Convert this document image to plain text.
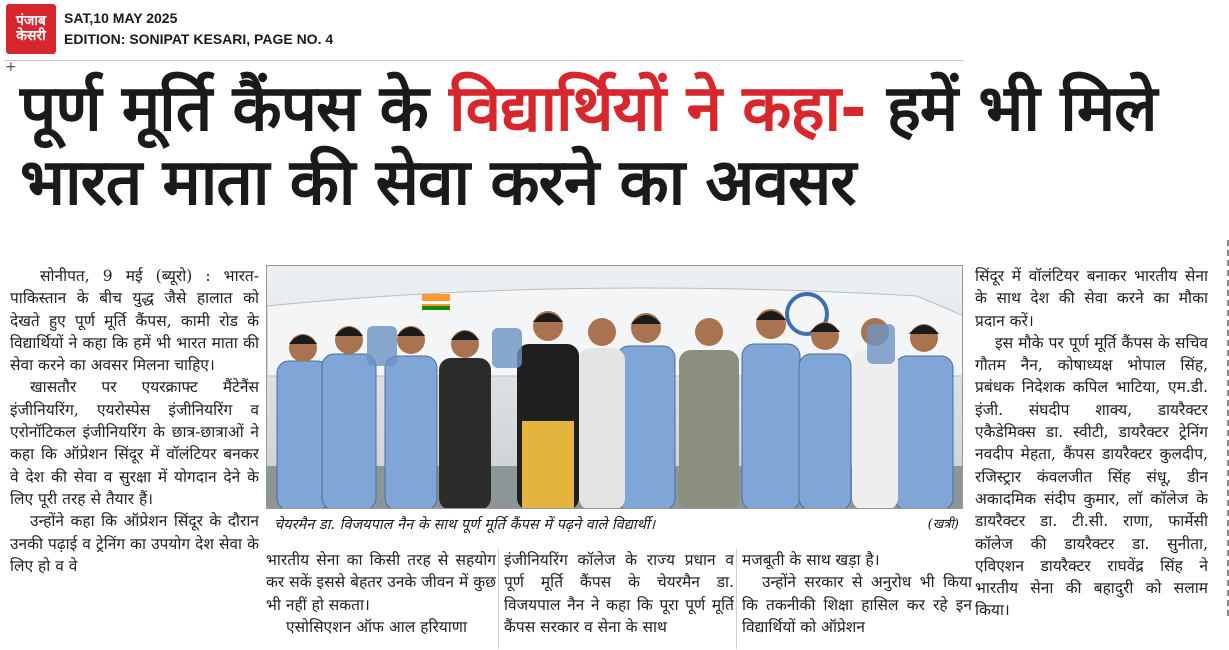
पंजाब
केसरी
SAT,10 MAY 2025
EDITION: SONIPAT KESARI, PAGE NO. 4
+
पूर्ण मूर्ति कैंपस के विद्यार्थियों ने कहा- हमें भी मिले भारत माता की सेवा करने का अवसर

सोनीपत, 9 मई (ब्यूरो) : भारत-पाकिस्तान के बीच युद्ध जैसे हालात को देखते हुए पूर्ण मूर्ति कैंपस, कामी रोड के विद्यार्थियों ने कहा कि हमें भी भारत माता की सेवा करने का अवसर मिलना चाहिए।

खासतौर पर एयरक्राफ्ट मैंटेनैंस इंजीनियरिंग, एयरोस्पेस इंजीनियरिंग व एरोनॉटिकल इंजीनियरिंग के छात्र-छात्राओं ने कहा कि ऑप्रेशन सिंदूर में वॉलंटियर बनकर वे देश की सेवा व सुरक्षा में योगदान देने के लिए पूरी तरह से तैयार हैं।

उन्होंने कहा कि ऑप्रेशन सिंदूर के दौरान उनकी पढ़ाई व ट्रेनिंग का उपयोग देश सेवा के लिए हो व वे

चेयरमैन डा. विजयपाल नैन के साथ पूर्ण मूर्ति कैंपस में पढ़ने वाले विद्यार्थी।	(खत्री)

भारतीय सेना का किसी तरह से सहयोग कर सकें इससे बेहतर उनके जीवन में कुछ भी नहीं हो सकता।

एसोसिएशन ऑफ आल हरियाणा

इंजीनियरिंग कॉलेज के राज्य प्रधान व पूर्ण मूर्ति कैंपस के चेयरमैन डा. विजयपाल नैन ने कहा कि पूरा पूर्ण मूर्ति कैंपस सरकार व सेना के साथ

मजबूती के साथ खड़ा है।

उन्होंने सरकार से अनुरोध भी किया कि तकनीकी शिक्षा हासिल कर रहे इन विद्यार्थियों को ऑप्रेशन

सिंदूर में वॉलंटियर बनाकर भारतीय सेना के साथ देश की सेवा करने का मौका प्रदान करें।

इस मौके पर पूर्ण मूर्ति कैंपस के सचिव गौतम नैन, कोषाध्यक्ष भोपाल सिंह, प्रबंधक निदेशक कपिल भाटिया, एम.डी. इंजी. संघदीप शाक्य, डायरैक्टर एकैडेमिक्स डा. स्वीटी, डायरैक्टर ट्रेनिंग नवदीप मेहता, कैंपस डायरैक्टर कुलदीप, रजिस्ट्रार कंवलजीत सिंह संधू, डीन अकादमिक संदीप कुमार, लॉ कॉलेज के डायरैक्टर डा. टी.सी. राणा, फार्मेसी कॉलेज की डायरैक्टर डा. सुनीता, एविएशन डायरैक्टर राघवेंद्र सिंह ने भारतीय सेना की बहादुरी को सलाम किया।
